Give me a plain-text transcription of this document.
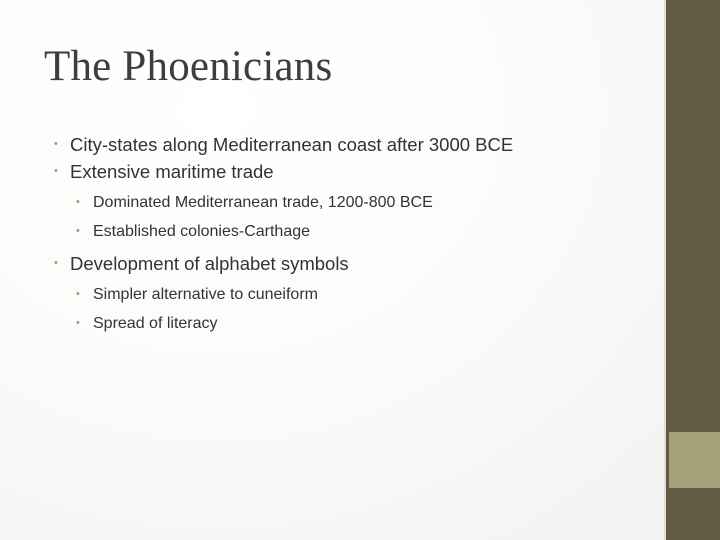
The Phoenicians
• City-states along Mediterranean coast after 3000 BCE
• Extensive maritime trade
• Dominated Mediterranean trade, 1200-800 BCE
• Established colonies-Carthage
• Development of alphabet symbols
• Simpler alternative to cuneiform
• Spread of literacy
